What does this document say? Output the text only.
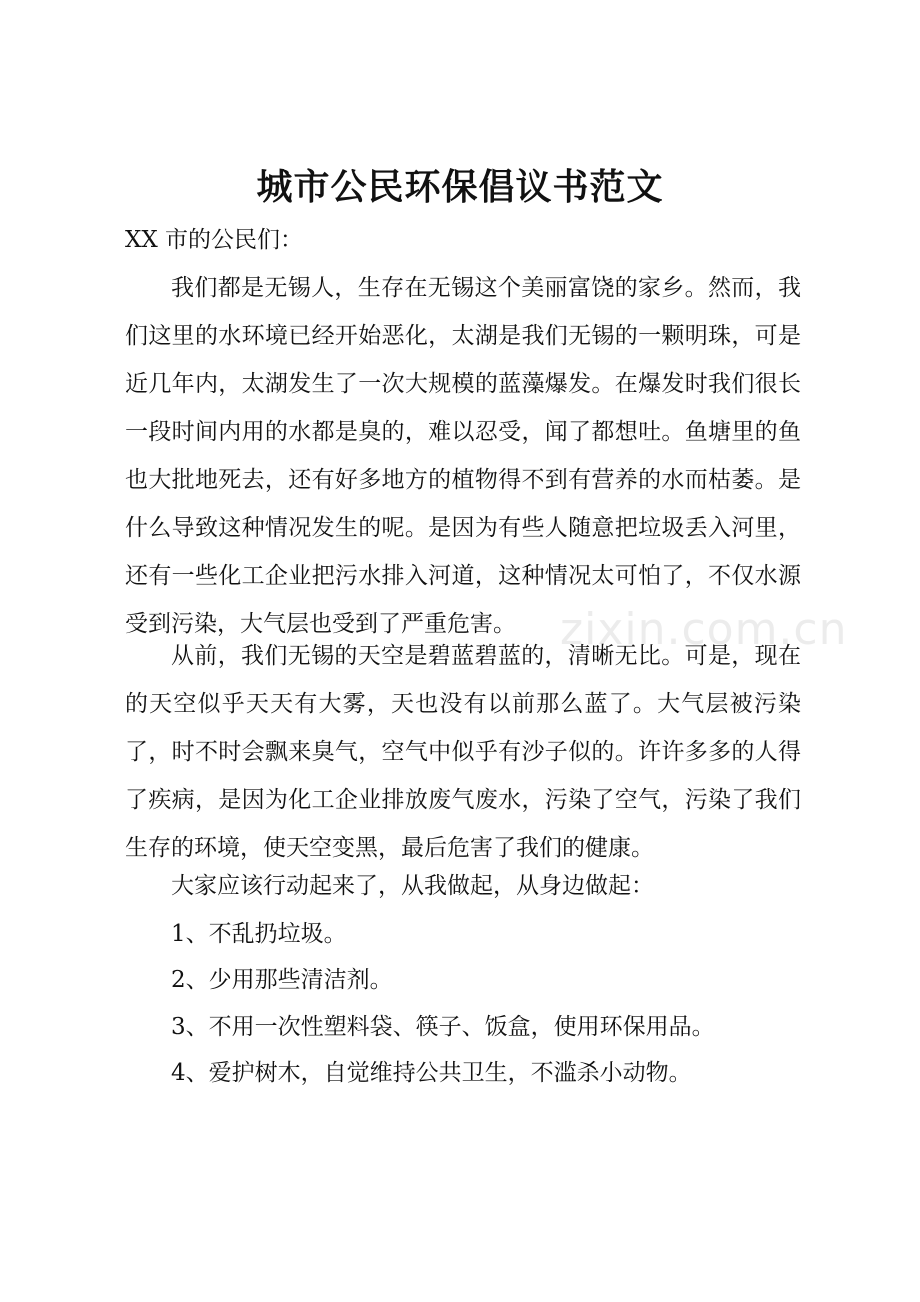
zixin.com.cn
城市公民环保倡议书范文
XX 市的公民们：

我们都是无锡人，生存在无锡这个美丽富饶的家乡。然而，我们这里的水环境已经开始恶化，太湖是我们无锡的一颗明珠，可是近几年内，太湖发生了一次大规模的蓝藻爆发。在爆发时我们很长一段时间内用的水都是臭的，难以忍受，闻了都想吐。鱼塘里的鱼也大批地死去，还有好多地方的植物得不到有营养的水而枯萎。是什么导致这种情况发生的呢。是因为有些人随意把垃圾丢入河里，还有一些化工企业把污水排入河道，这种情况太可怕了，不仅水源受到污染，大气层也受到了严重危害。

从前，我们无锡的天空是碧蓝碧蓝的，清晰无比。可是，现在的天空似乎天天有大雾，天也没有以前那么蓝了。大气层被污染了，时不时会飘来臭气，空气中似乎有沙子似的。许许多多的人得了疾病，是因为化工企业排放废气废水，污染了空气，污染了我们生存的环境，使天空变黑，最后危害了我们的健康。

大家应该行动起来了，从我做起，从身边做起：

1、不乱扔垃圾。
2、少用那些清洁剂。
3、不用一次性塑料袋、筷子、饭盒，使用环保用品。
4、爱护树木，自觉维持公共卫生，不滥杀小动物。
